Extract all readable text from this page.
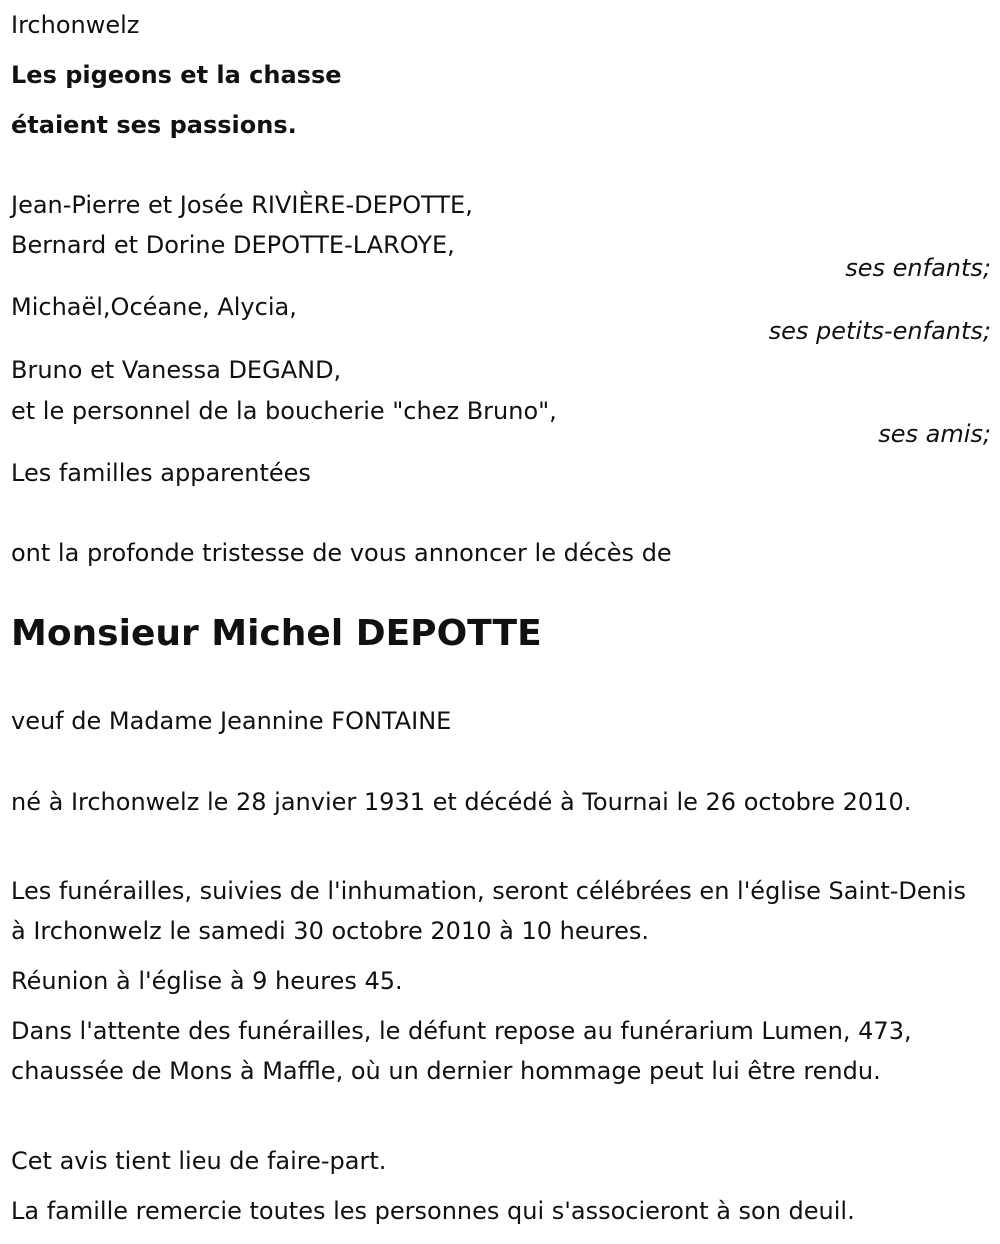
Irchonwelz
Les pigeons et la chasse
étaient ses passions.
Jean-Pierre et Josée RIVIÈRE-DEPOTTE,
Bernard et Dorine DEPOTTE-LAROYE,
ses enfants;
Michaël,Océane, Alycia,
ses petits-enfants;
Bruno et Vanessa DEGAND,
et le personnel de la boucherie "chez Bruno",
ses amis;
Les familles apparentées
ont la profonde tristesse de vous annoncer le décès de
Monsieur Michel DEPOTTE
veuf de Madame Jeannine FONTAINE
né à Irchonwelz le 28 janvier 1931 et décédé à Tournai le 26 octobre 2010.
Les funérailles, suivies de l'inhumation, seront célébrées en l'église Saint-Denis à Irchonwelz le samedi 30 octobre 2010 à 10 heures.
Réunion à l'église à 9 heures 45.
Dans l'attente des funérailles, le défunt repose au funérarium Lumen, 473, chaussée de Mons à Maffle, où un dernier hommage peut lui être rendu.
Cet avis tient lieu de faire-part.
La famille remercie toutes les personnes qui s'associeront à son deuil.
